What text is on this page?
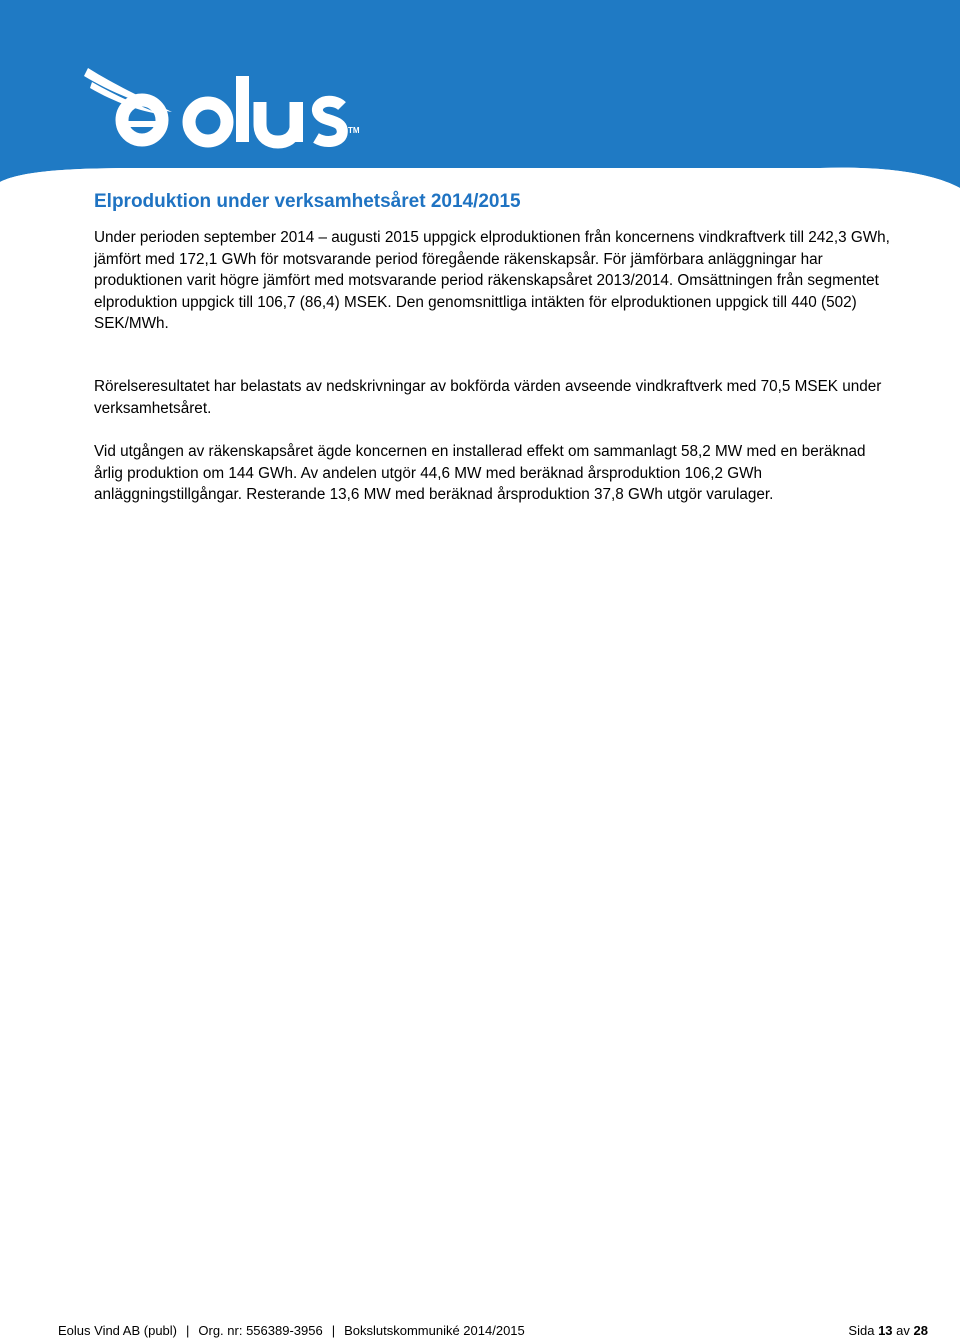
TM
Elproduktion under verksamhetsåret 2014/2015

Under perioden september 2014 – augusti 2015 uppgick elproduktionen från koncernens vindkraftverk till 242,3 GWh, jämfört med 172,1 GWh för motsvarande period föregående räkenskapsår. För jämförbara anläggningar har produktionen varit högre jämfört med motsvarande period räkenskapsåret 2013/2014. Omsättningen från segmentet elproduktion uppgick till 106,7 (86,4) MSEK. Den genomsnittliga intäkten för elproduktionen uppgick till 440 (502) SEK/MWh.

Rörelseresultatet har belastats av nedskrivningar av bokförda värden avseende vindkraftverk med 70,5 MSEK under verksamhetsåret.

Vid utgången av räkenskapsåret ägde koncernen en installerad effekt om sammanlagt 58,2 MW med en beräknad årlig produktion om 144 GWh. Av andelen utgör 44,6 MW med beräknad årsproduktion 106,2 GWh anläggningstillgångar. Resterande 13,6 MW med beräknad årsproduktion 37,8 GWh utgör varulager.

Eolus Vind AB (publ) | Org. nr: 556389-3956 | Bokslutskommuniké 2014/2015	Sida 13 av 28
